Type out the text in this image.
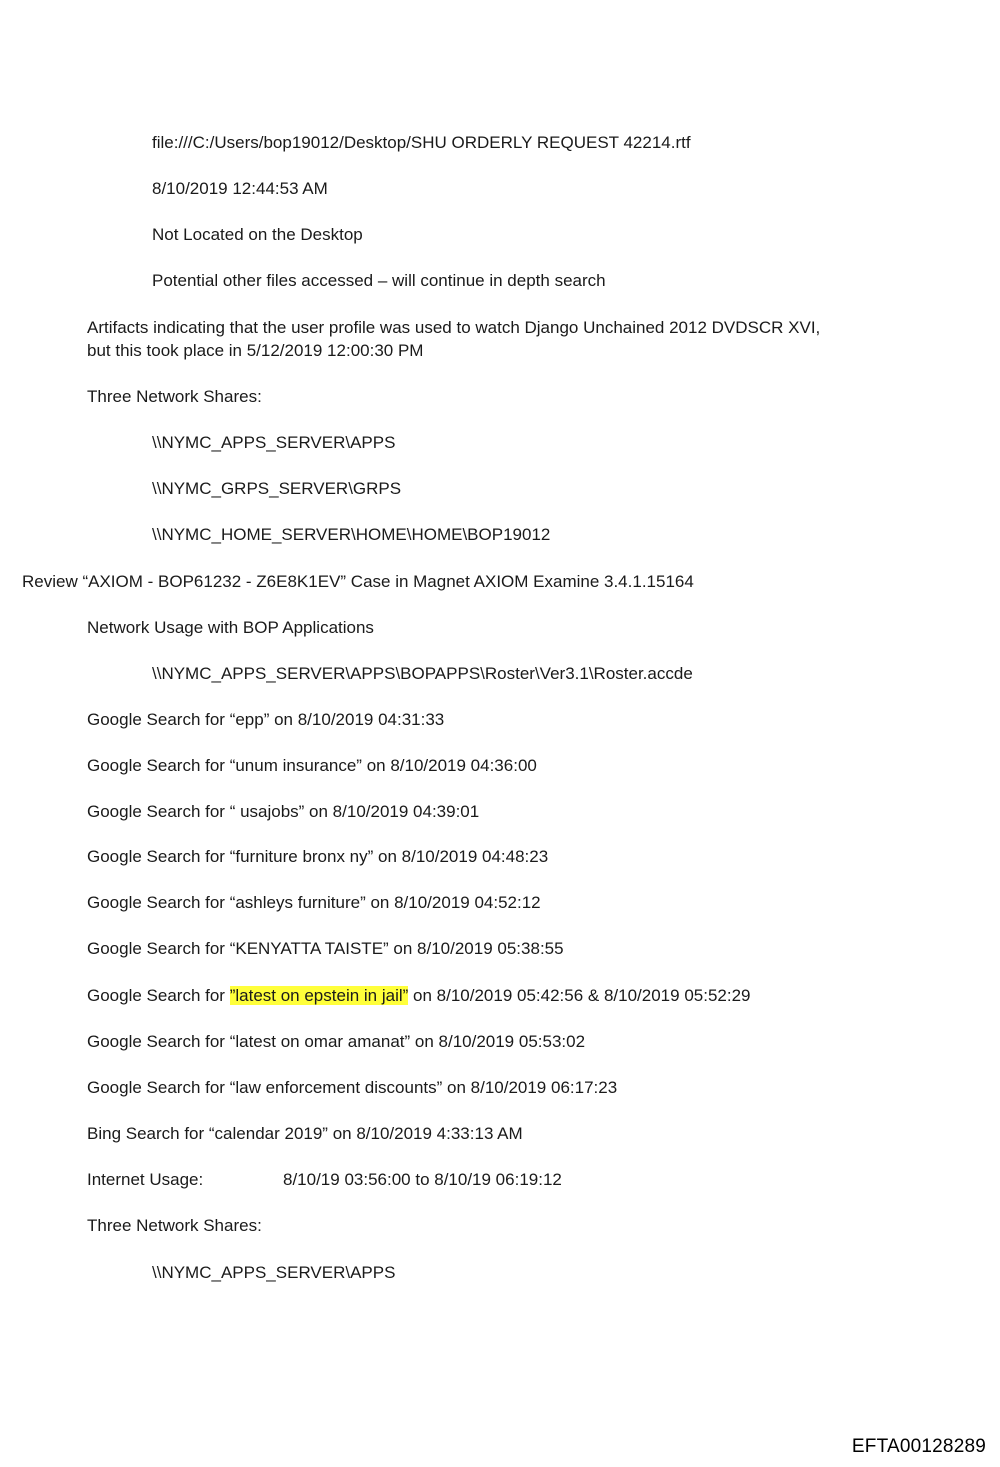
file:///C:/Users/bop19012/Desktop/SHU ORDERLY REQUEST 42214.rtf
8/10/2019 12:44:53 AM
Not Located on the Desktop
Potential other files accessed – will continue in depth search
Artifacts indicating that the user profile was used to watch Django Unchained 2012 DVDSCR XVI,
but this took place in 5/12/2019 12:00:30 PM
Three Network Shares:
\\NYMC_APPS_SERVER\APPS
\\NYMC_GRPS_SERVER\GRPS
\\NYMC_HOME_SERVER\HOME\HOME\BOP19012
Review “AXIOM - BOP61232 - Z6E8K1EV” Case in Magnet AXIOM Examine 3.4.1.15164
Network Usage with BOP Applications
\\NYMC_APPS_SERVER\APPS\BOPAPPS\Roster\Ver3.1\Roster.accde
Google Search for “epp” on 8/10/2019 04:31:33
Google Search for “unum insurance” on 8/10/2019 04:36:00
Google Search for “ usajobs” on 8/10/2019 04:39:01
Google Search for “furniture bronx ny” on 8/10/2019 04:48:23
Google Search for “ashleys furniture” on 8/10/2019 04:52:12
Google Search for “KENYATTA TAISTE” on 8/10/2019 05:38:55
Google Search for ”latest on epstein in jail” on 8/10/2019 05:42:56 & 8/10/2019 05:52:29
Google Search for “latest on omar amanat” on 8/10/2019 05:53:02
Google Search for “law enforcement discounts” on 8/10/2019 06:17:23
Bing Search for “calendar 2019” on 8/10/2019 4:33:13 AM
Internet Usage:	8/10/19 03:56:00 to 8/10/19 06:19:12
Three Network Shares:
\\NYMC_APPS_SERVER\APPS
EFTA00128289
